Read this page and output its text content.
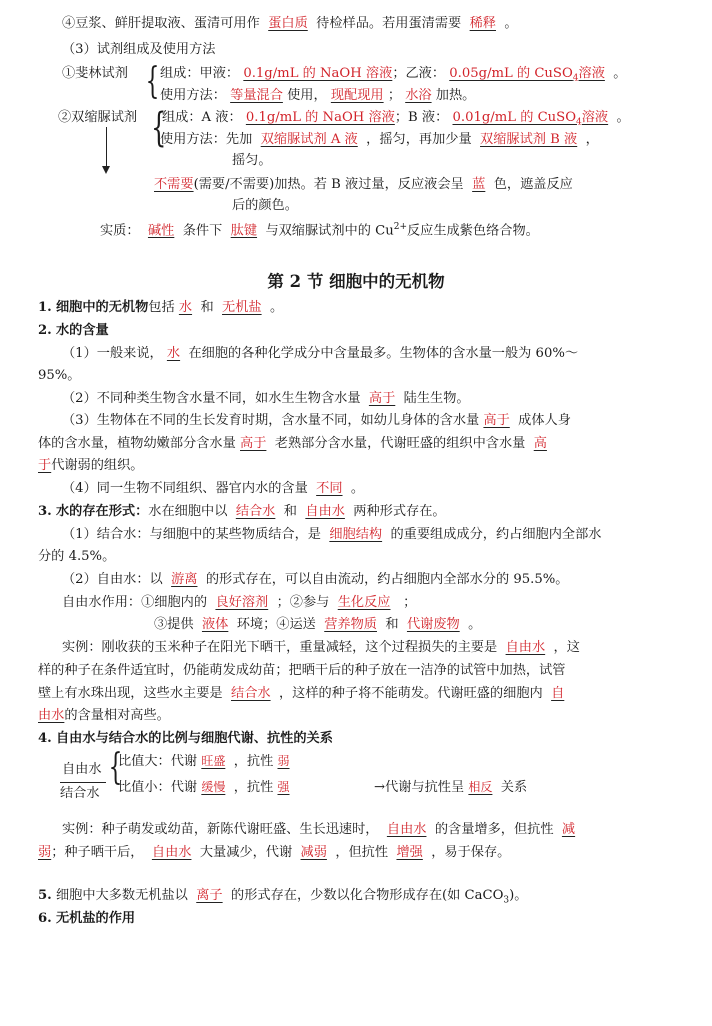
④豆浆、鲜肝提取液、蛋清可用作 蛋白质 待检样品。若用蛋清需要 稀释 。
（3）试剂组成及使用方法
①斐林试剂 { 组成：甲液： 0.1g/mL 的 NaOH 溶液；乙液： 0.05g/mL 的 CuSO$_4$溶液 。
使用方法： 等量混合 使用， 现配现用 ； 水浴 加热。
②双缩脲试剂 {
组成：A 液： 0.1g/mL 的 NaOH 溶液；B 液： 0.01g/mL 的 CuSO$_4$溶液 。
使用方法：先加 双缩脲试剂 A 液 ，摇匀，再加少量 双缩脲试剂 B 液 ，
摇匀。
不需要(需要/不需要)加热。若 B 液过量，反应液会呈 蓝 色，遮盖反应
后的颜色。
实质： 碱性 条件下 肽键 与双缩脲试剂中的 $Cu^{2+}$反应生成紫色络合物。
第 2 节 细胞中的无机物
1. 细胞中的无机物包括 水 和 无机盐 。
2. 水的含量
（1）一般来说， 水 在细胞的各种化学成分中含量最多。生物体的含水量一般为 60%～
95%。
（2）不同种类生物含水量不同，如水生生物含水量 高于 陆生生物。
（3）生物体在不同的生长发育时期，含水量不同，如幼儿身体的含水量 高于 成体人身
体的含水量，植物幼嫩部分含水量 高于 老熟部分含水量，代谢旺盛的组织中含水量 高
于代谢弱的组织。
（4）同一生物不同组织、器官内水的含量 不同 。
3. 水的存在形式：水在细胞中以 结合水 和 自由水 两种形式存在。
（1）结合水：与细胞中的某些物质结合，是 细胞结构 的重要组成成分，约占细胞内全部水
分的 4.5%。
（2）自由水：以 游离 的形式存在，可以自由流动，约占细胞内全部水分的 95.5%。
自由水作用：①细胞内的 良好溶剂 ；②参与 生化反应 ；
③提供 液体 环境；④运送 营养物质 和 代谢废物 。
实例：刚收获的玉米种子在阳光下晒干，重量减轻，这个过程损失的主要是 自由水 ，这
样的种子在条件适宜时，仍能萌发成幼苗；把晒干后的种子放在一洁净的试管中加热，试管
壁上有水珠出现，这些水主要是 结合水 ，这样的种子将不能萌发。代谢旺盛的细胞内 自
由水的含量相对高些。
4. 自由水与结合水的比例与细胞代谢、抗性的关系
自由水
结合水
{
比值大：代谢 旺盛 ，抗性 弱
比值小：代谢 缓慢 ，抗性 强	→代谢与抗性呈 相反 关系
实例：种子萌发或幼苗，新陈代谢旺盛、生长迅速时， 自由水 的含量增多，但抗性 减
弱；种子晒干后， 自由水 大量减少，代谢 减弱 ，但抗性 增强 ，易于保存。
5. 细胞中大多数无机盐以 离子 的形式存在，少数以化合物形成存在(如 CaCO$_3$)。
6. 无机盐的作用
